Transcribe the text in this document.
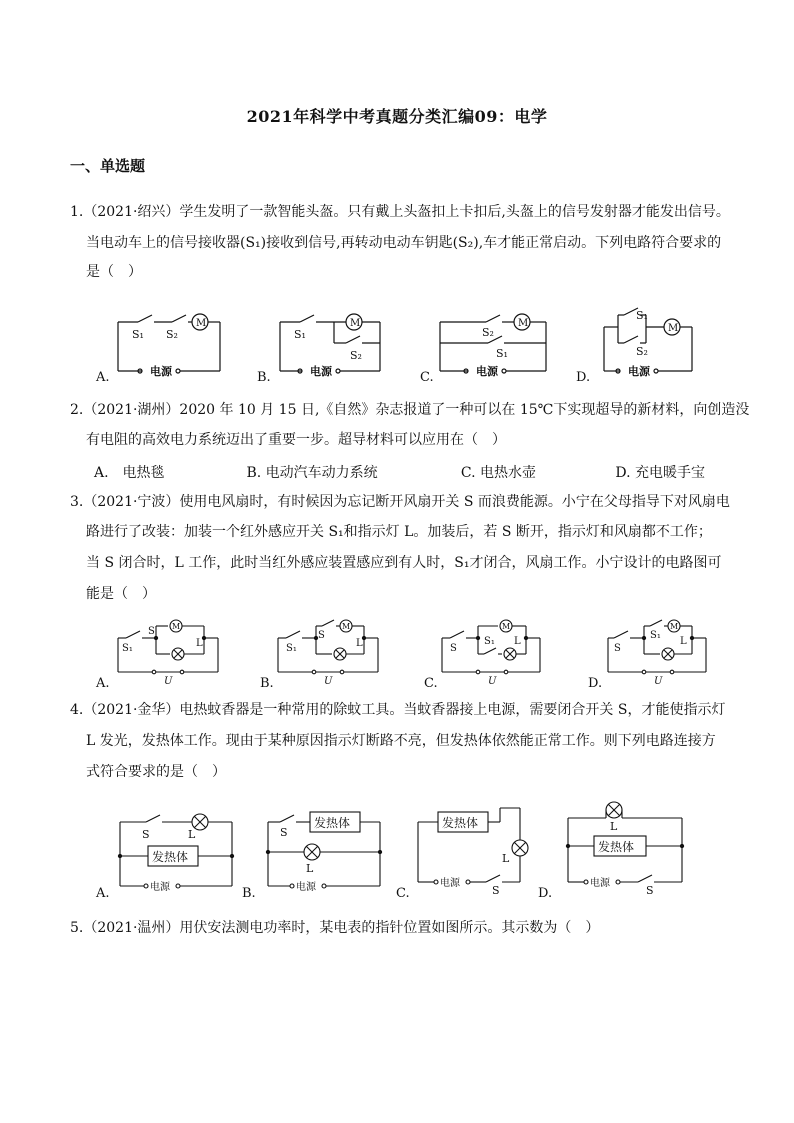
2021年科学中考真题分类汇编09：电学
一、单选题
1.（2021·绍兴）学生发明了一款智能头盔。只有戴上头盔扣上卡扣后,头盔上的信号发射器才能发出信号。
当电动车上的信号接收器(S₁)接收到信号,再转动电动车钥匙(S₂),车才能正常启动。下列电路符合要求的
是（　）
S₁ S₂
M
电源
S₁
S₂
M
电源
S₂
S₁
M
电源
S₁
S₂
M
电源
A.	B.	C.	D.
2.（2021·湖州）2020 年 10 月 15 日,《自然》杂志报道了一种可以在 15℃下实现超导的新材料，向创造没
有电阻的高效电力系统迈出了重要一步。超导材料可以应用在（　）
A.　电热毯	B. 电动汽车动力系统	C. 电热水壶	D. 充电暖手宝
3.（2021·宁波）使用电风扇时，有时候因为忘记断开风扇开关 S 而浪费能源。小宁在父母指导下对风扇电
路进行了改装：加装一个红外感应开关 S₁和指示灯 L。加装后，若 S 断开，指示灯和风扇都不工作；
当 S 闭合时，L 工作，此时当红外感应装置感应到有人时，S₁才闭合，风扇工作。小宁设计的电路图可
能是（　）
S₁
S
L
M
U
S₁
S
L
M
U
S
S₁ L
M
U
S
S₁
L
M
U
A.	B.	C.	D.
4.（2021·金华）电热蚊香器是一种常用的除蚊工具。当蚊香器接上电源，需要闭合开关 S，才能使指示灯
L 发光，发热体工作。现由于某种原因指示灯断路不亮，但发热体依然能正常工作。则下列电路连接方
式符合要求的是（　）
S	L
发热体
电源
S
发热体
L
电源
发热体
L
电源
S
L
发热体
电源
S
A.	B.	C.	D.
5.（2021·温州）用伏安法测电功率时，某电表的指针位置如图所示。其示数为（　）
